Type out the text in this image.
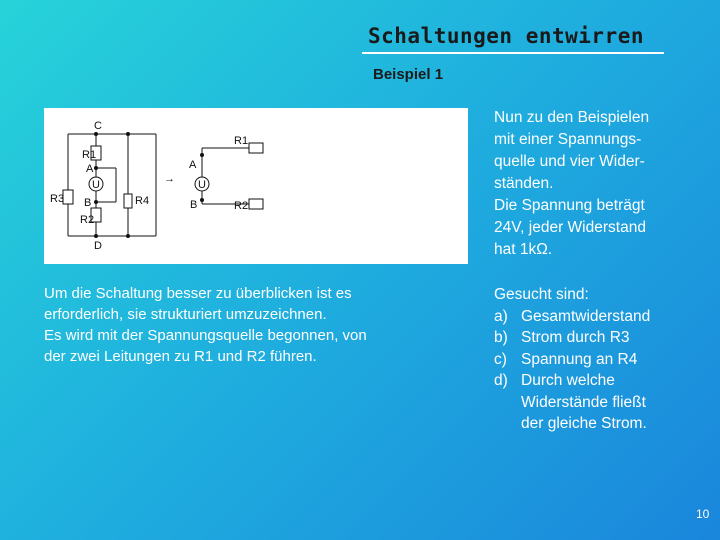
Schaltungen entwirren
Beispiel 1
C
R1
A
U
B
R3	R4
R2
D
→
R1
A
U
B	R2
Um die Schaltung besser zu überblicken ist es
erforderlich, sie strukturiert umzuzeichnen.
Es wird mit der Spannungsquelle begonnen, von
der zwei Leitungen zu R1 und R2 führen.

Nun zu den Beispielen

mit einer Spannungs-

quelle und vier Wider-

ständen.

Die Spannung beträgt

24V, jeder Widerstand

hat 1kΩ.

Gesucht sind:

a) Gesamtwiderstand
b) Strom durch R3
c) Spannung an R4
d) Durch welche
Widerstände fließt
der gleiche Strom.
10
